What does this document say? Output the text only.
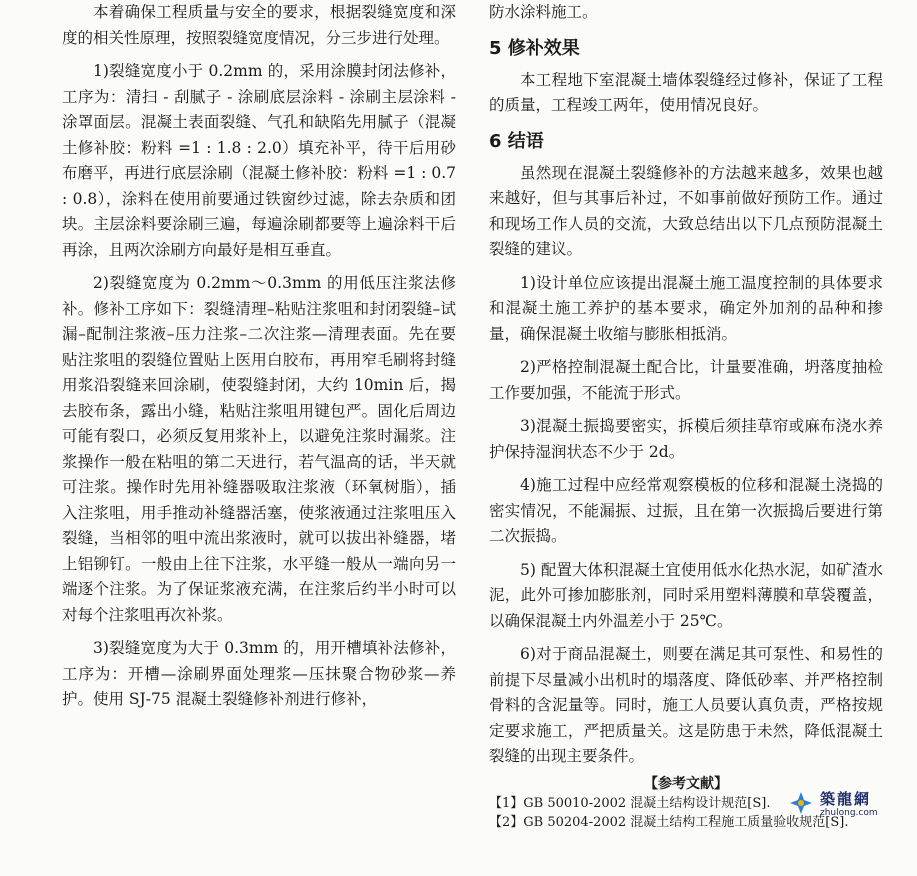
本着确保工程质量与安全的要求，根据裂缝宽度和深度的相关性原理，按照裂缝宽度情况，分三步进行处理。

1)裂缝宽度小于 0.2mm 的，采用涂膜封闭法修补，工序为：清扫 - 刮腻子 - 涂刷底层涂料 - 涂刷主层涂料 - 涂罩面层。混凝土表面裂缝、气孔和缺陷先用腻子（混凝土修补胶：粉料 =1 : 1.8 : 2.0）填充补平，待干后用砂布磨平，再进行底层涂刷（混凝土修补胶：粉料 =1 : 0.7 : 0.8），涂料在使用前要通过铁窗纱过滤，除去杂质和团块。主层涂料要涂刷三遍，每遍涂刷都要等上遍涂料干后再涂，且两次涂刷方向最好是相互垂直。

2)裂缝宽度为 0.2mm～0.3mm 的用低压注浆法修补。修补工序如下：裂缝清理–粘贴注浆咀和封闭裂缝–试漏–配制注浆液–压力注浆–二次注浆—清理表面。先在要贴注浆咀的裂缝位置贴上医用白胶布，再用窄毛刷将封缝用浆沿裂缝来回涂刷，使裂缝封闭，大约 10min 后，揭去胶布条，露出小缝，粘贴注浆咀用键包严。固化后周边可能有裂口，必须反复用浆补上，以避免注浆时漏浆。注浆操作一般在粘咀的第二天进行，若气温高的话，半天就可注浆。操作时先用补缝器吸取注浆液（环氧树脂），插入注浆咀，用手推动补缝器活塞，使浆液通过注浆咀压入裂缝，当相邻的咀中流出浆液时，就可以拔出补缝器，堵上铝铆钉。一般由上往下注浆，水平缝一般从一端向另一端逐个注浆。为了保证浆液充满，在注浆后约半小时可以对每个注浆咀再次补浆。

3)裂缝宽度为大于 0.3mm 的，用开槽填补法修补，工序为：开槽—涂刷界面处理浆—压抹聚合物砂浆—养护。使用 SJ-75 混凝土裂缝修补剂进行修补，

防水涂料施工。

5 修补效果

本工程地下室混凝土墙体裂缝经过修补，保证了工程的质量，工程竣工两年，使用情况良好。

6 结语

虽然现在混凝土裂缝修补的方法越来越多，效果也越来越好，但与其事后补过，不如事前做好预防工作。通过和现场工作人员的交流，大致总结出以下几点预防混凝土裂缝的建议。

1)设计单位应该提出混凝土施工温度控制的具体要求和混凝土施工养护的基本要求，确定外加剂的品种和掺量，确保混凝土收缩与膨胀相抵消。

2)严格控制混凝土配合比，计量要准确，坍落度抽检工作要加强，不能流于形式。

3)混凝土振捣要密实，拆模后须挂草帘或麻布浇水养护保持湿润状态不少于 2d。

4)施工过程中应经常观察模板的位移和混凝土浇捣的密实情况，不能漏振、过振，且在第一次振捣后要进行第二次振捣。

5) 配置大体积混凝土宜使用低水化热水泥，如矿渣水泥，此外可掺加膨胀剂，同时采用塑料薄膜和草袋覆盖，以确保混凝土内外温差小于 25℃。

6)对于商品混凝土，则要在满足其可泵性、和易性的前提下尽量减小出机时的塌落度、降低砂率、并严格控制骨料的含泥量等。同时，施工人员要认真负责，严格按规定要求施工，严把质量关。这是防患于未然，降低混凝土裂缝的出现主要条件。

【参考文献】
【1】GB 50010-2002 混凝土结构设计规范[S].
【2】GB 50204-2002 混凝土结构工程施工质量验收规范[S].
築龍網
zhulong.com
